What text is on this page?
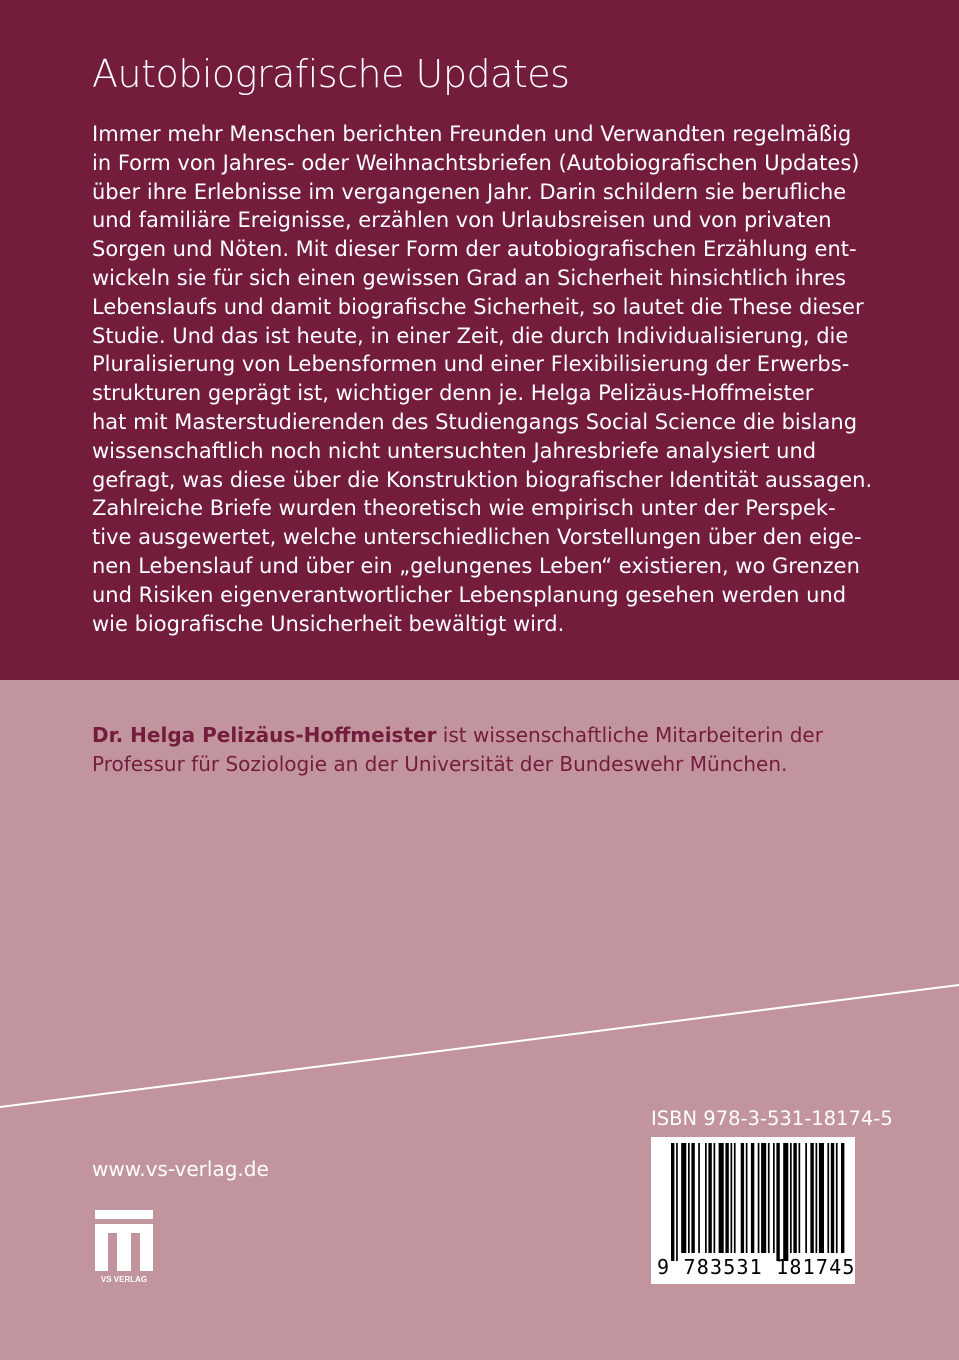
Autobiografische Updates
Immer mehr Menschen berichten Freunden und Verwandten regelmäßig
in Form von Jahres- oder Weihnachtsbriefen (Autobiografischen Updates)
über ihre Erlebnisse im vergangenen Jahr. Darin schildern sie berufliche
und familiäre Ereignisse, erzählen von Urlaubsreisen und von privaten
Sorgen und Nöten. Mit dieser Form der autobiografischen Erzählung ent-
wickeln sie für sich einen gewissen Grad an Sicherheit hinsichtlich ihres
Lebenslaufs und damit biografische Sicherheit, so lautet die These dieser
Studie. Und das ist heute, in einer Zeit, die durch Individualisierung, die
Pluralisierung von Lebensformen und einer Flexibilisierung der Erwerbs-
strukturen geprägt ist, wichtiger denn je. Helga Pelizäus-Hoffmeister
hat mit Masterstudierenden des Studiengangs Social Science die bislang
wissenschaftlich noch nicht untersuchten Jahresbriefe analysiert und
gefragt, was diese über die Konstruktion biografischer Identität aussagen.
Zahlreiche Briefe wurden theoretisch wie empirisch unter der Perspek-
tive ausgewertet, welche unterschiedlichen Vorstellungen über den eige-
nen Lebenslauf und über ein „gelungenes Leben“ existieren, wo Grenzen
und Risiken eigenverantwortlicher Lebensplanung gesehen werden und
wie biografische Unsicherheit bewältigt wird.
Dr. Helga Pelizäus-Hoffmeister ist wissenschaftliche Mitarbeiterin der
Professur für Soziologie an der Universität der Bundeswehr München.
www.vs-verlag.de
VS VERLAG
ISBN 978-3-531-18174-5
9 783531 181745
